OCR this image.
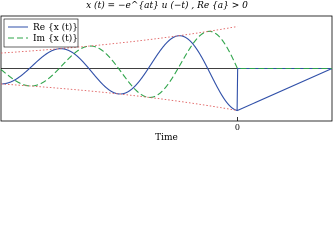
x (t) = −e^{at} u (−t) , Re {a} > 0
0
Re {x (t)}
Im {x (t)}
Time
